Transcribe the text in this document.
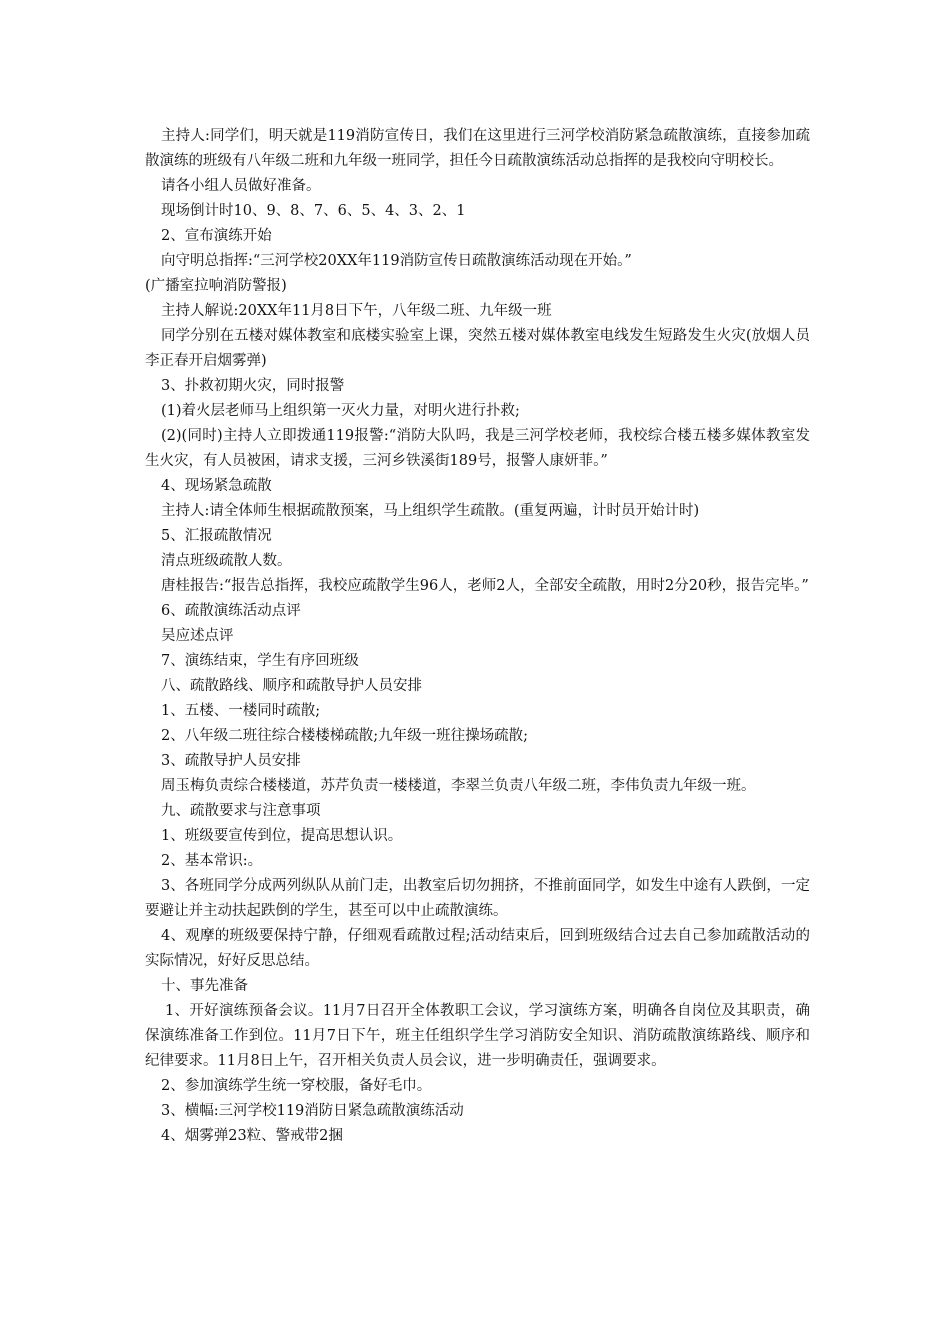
主持人:同学们，明天就是119消防宣传日，我们在这里进行三河学校消防紧急疏散演练，直接参加疏散演练的班级有八年级二班和九年级一班同学，担任今日疏散演练活动总指挥的是我校向守明校长。

请各小组人员做好准备。

现场倒计时10、9、8、7、6、5、4、3、2、1

2、宣布演练开始

向守明总指挥:“三河学校20XX年119消防宣传日疏散演练活动现在开始。”

(广播室拉响消防警报)

主持人解说:20XX年11月8日下午，八年级二班、九年级一班

同学分别在五楼对媒体教室和底楼实验室上课，突然五楼对媒体教室电线发生短路发生火灾(放烟人员李正春开启烟雾弹)

3、扑救初期火灾，同时报警

(1)着火层老师马上组织第一灭火力量，对明火进行扑救;

(2)(同时)主持人立即拨通119报警:“消防大队吗，我是三河学校老师，我校综合楼五楼多媒体教室发生火灾，有人员被困，请求支援，三河乡铁溪街189号，报警人康妍菲。”

4、现场紧急疏散

主持人:请全体师生根据疏散预案，马上组织学生疏散。(重复两遍，计时员开始计时)

5、汇报疏散情况

清点班级疏散人数。

唐桂报告:“报告总指挥，我校应疏散学生96人，老师2人，全部安全疏散，用时2分20秒，报告完毕。”

6、疏散演练活动点评

吴应述点评

7、演练结束，学生有序回班级

八、疏散路线、顺序和疏散导护人员安排

1、五楼、一楼同时疏散;

2、八年级二班往综合楼楼梯疏散;九年级一班往操场疏散;

3、疏散导护人员安排

周玉梅负责综合楼楼道，苏芹负责一楼楼道，李翠兰负责八年级二班，李伟负责九年级一班。

九、疏散要求与注意事项

1、班级要宣传到位，提高思想认识。

2、基本常识:。

3、各班同学分成两列纵队从前门走，出教室后切勿拥挤，不推前面同学，如发生中途有人跌倒，一定要避让并主动扶起跌倒的学生，甚至可以中止疏散演练。

4、观摩的班级要保持宁静，仔细观看疏散过程;活动结束后，回到班级结合过去自己参加疏散活动的实际情况，好好反思总结。

十、事先准备

1、开好演练预备会议。11月7日召开全体教职工会议，学习演练方案，明确各自岗位及其职责，确保演练准备工作到位。11月7日下午，班主任组织学生学习消防安全知识、消防疏散演练路线、顺序和纪律要求。11月8日上午，召开相关负责人员会议，进一步明确责任，强调要求。

2、参加演练学生统一穿校服，备好毛巾。

3、横幅:三河学校119消防日紧急疏散演练活动

4、烟雾弹23粒、警戒带2捆
